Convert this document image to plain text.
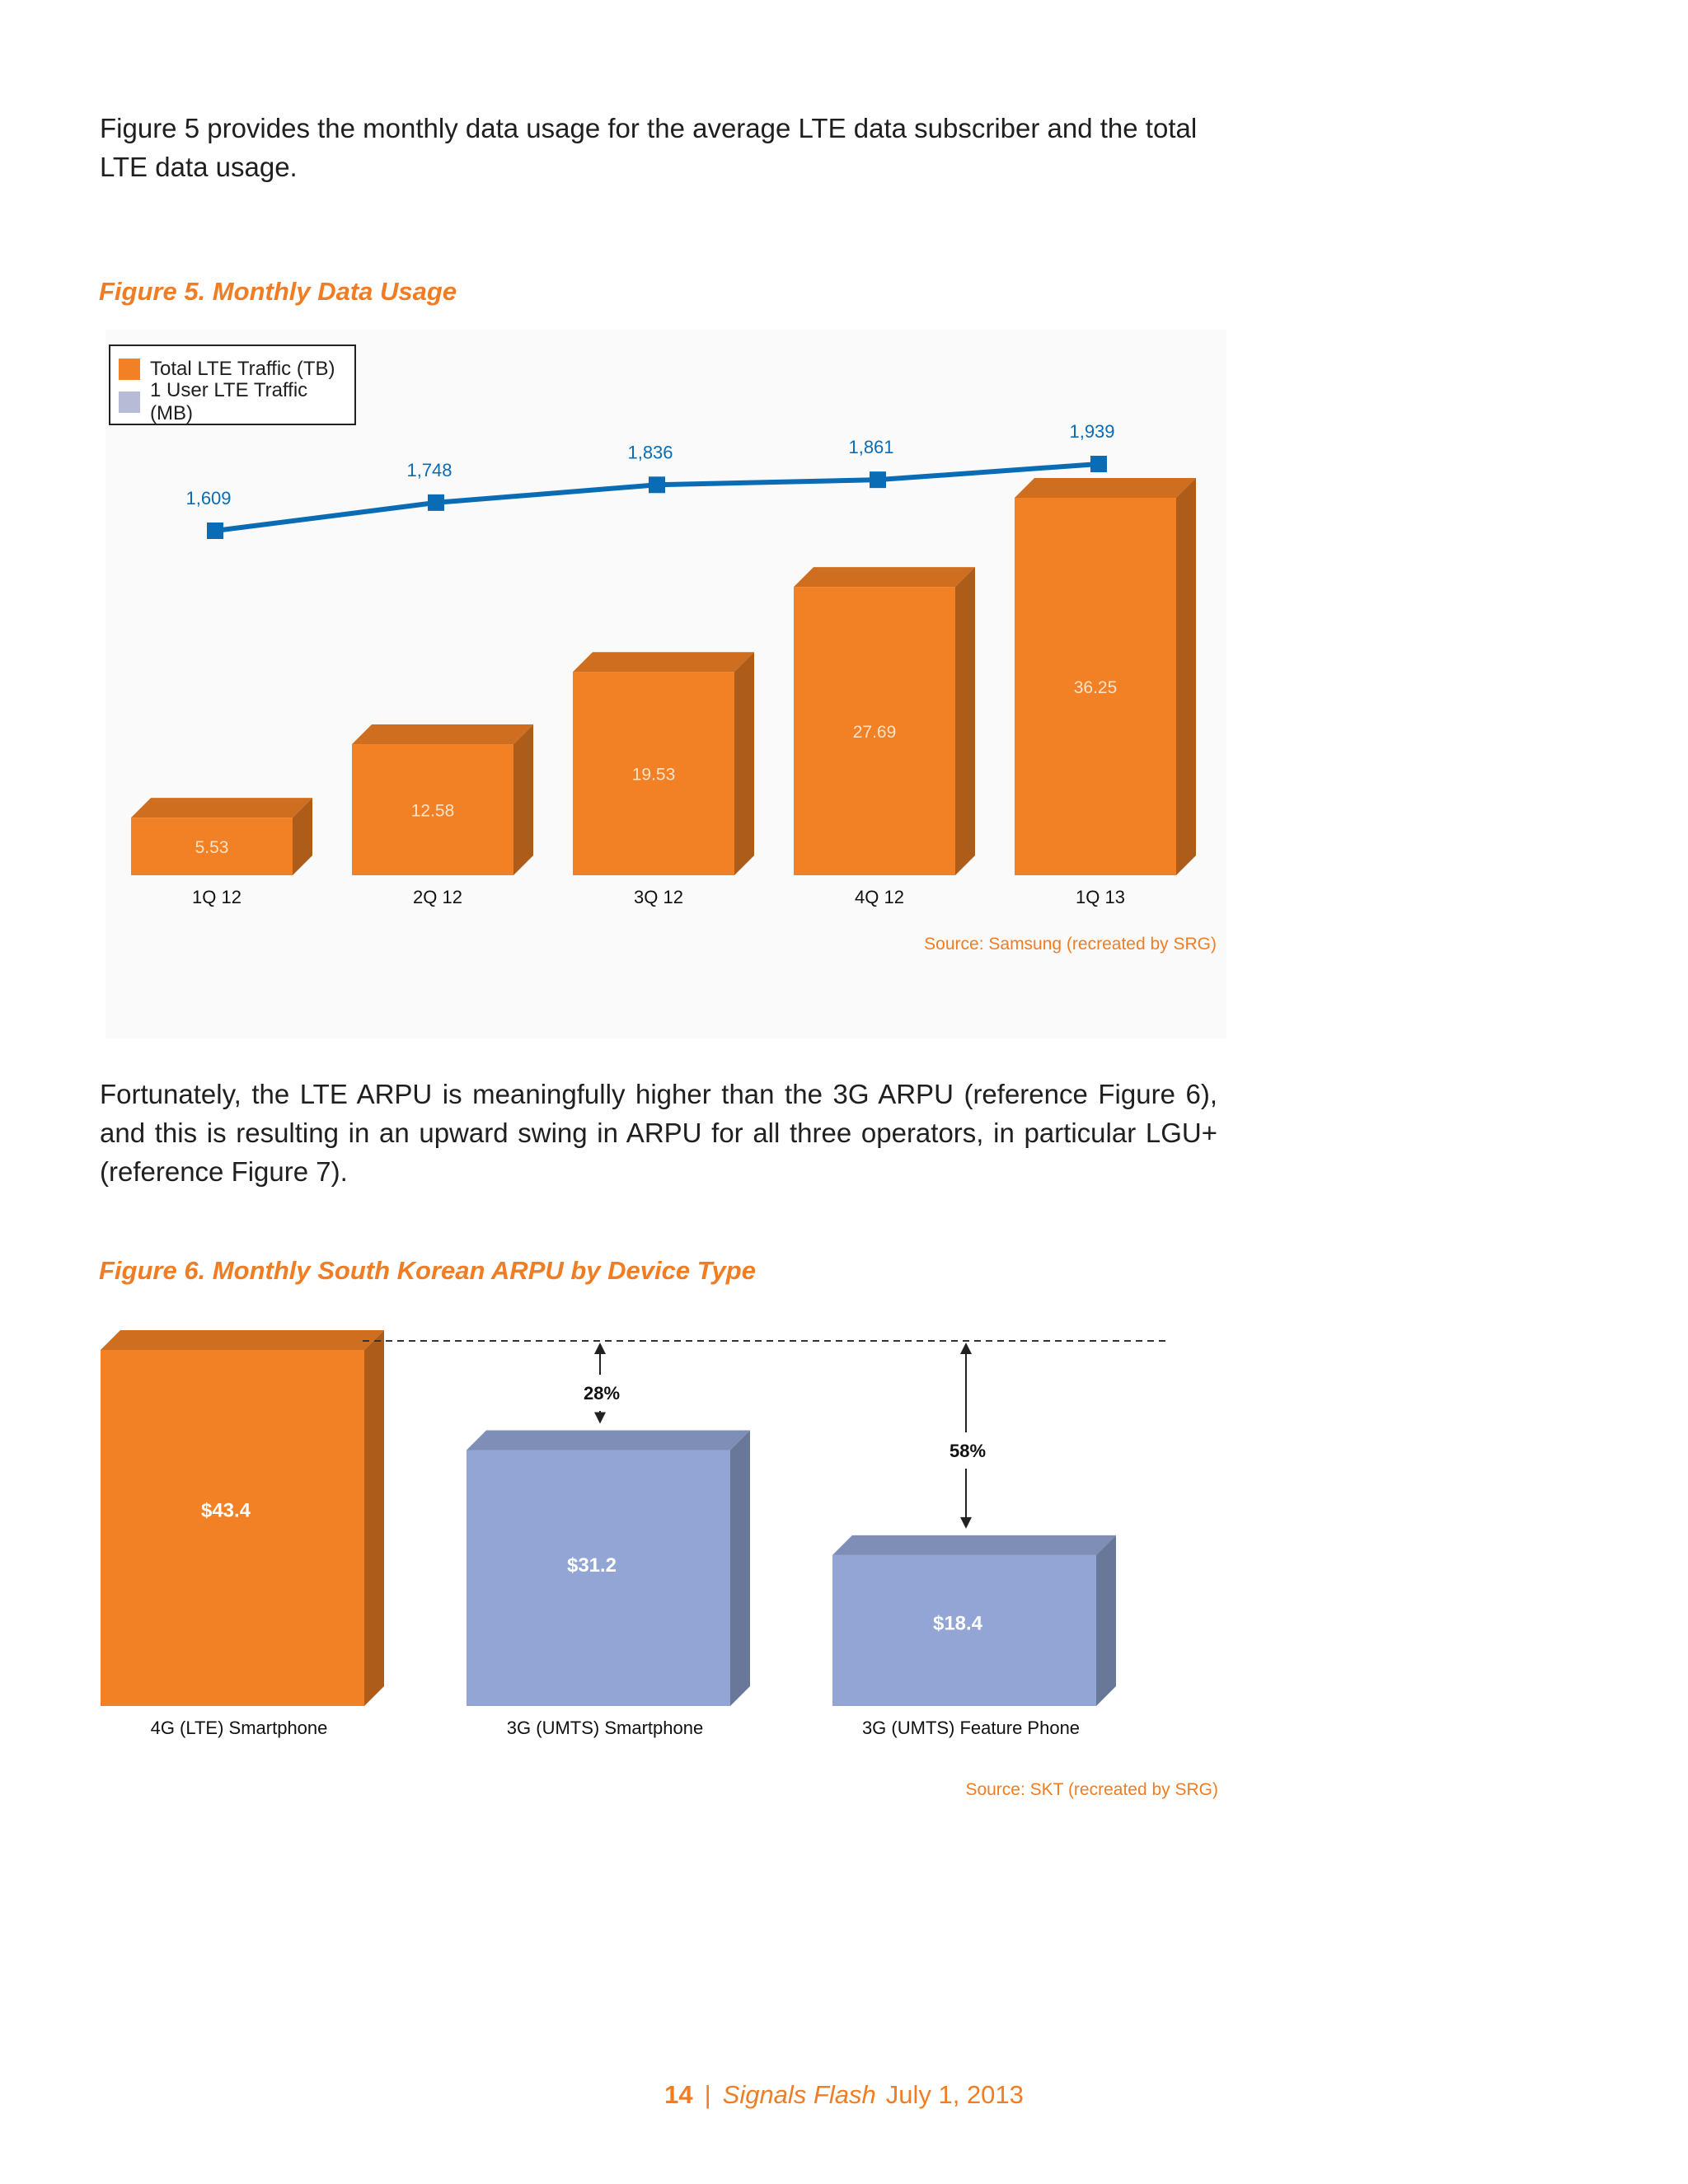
Figure 5 provides the monthly data usage for the average LTE data subscriber and the total LTE data usage.

Figure 5. Monthly Data Usage

5.53
1Q 12
12.58
2Q 12
19.53
3Q 12
27.69
4Q 12
36.25
1Q 13
1,609
1,748
1,836	1,861
1,939
Total LTE Traffic (TB)
1 User LTE Traffic (MB)

Source: Samsung (recreated by SRG)

Fortunately, the LTE ARPU is meaningfully higher than the 3G ARPU (reference Figure 6), and this is resulting in an upward swing in ARPU for all three operators, in particular LGU+ (reference Figure 7).

Figure 6. Monthly South Korean ARPU by Device Type

$43.4
4G (LTE) Smartphone
$31.2
3G (UMTS) Smartphone
$18.4
3G (UMTS) Feature Phone
28%
58%

Source: SKT (recreated by SRG)

14 | Signals Flash July 1, 2013
